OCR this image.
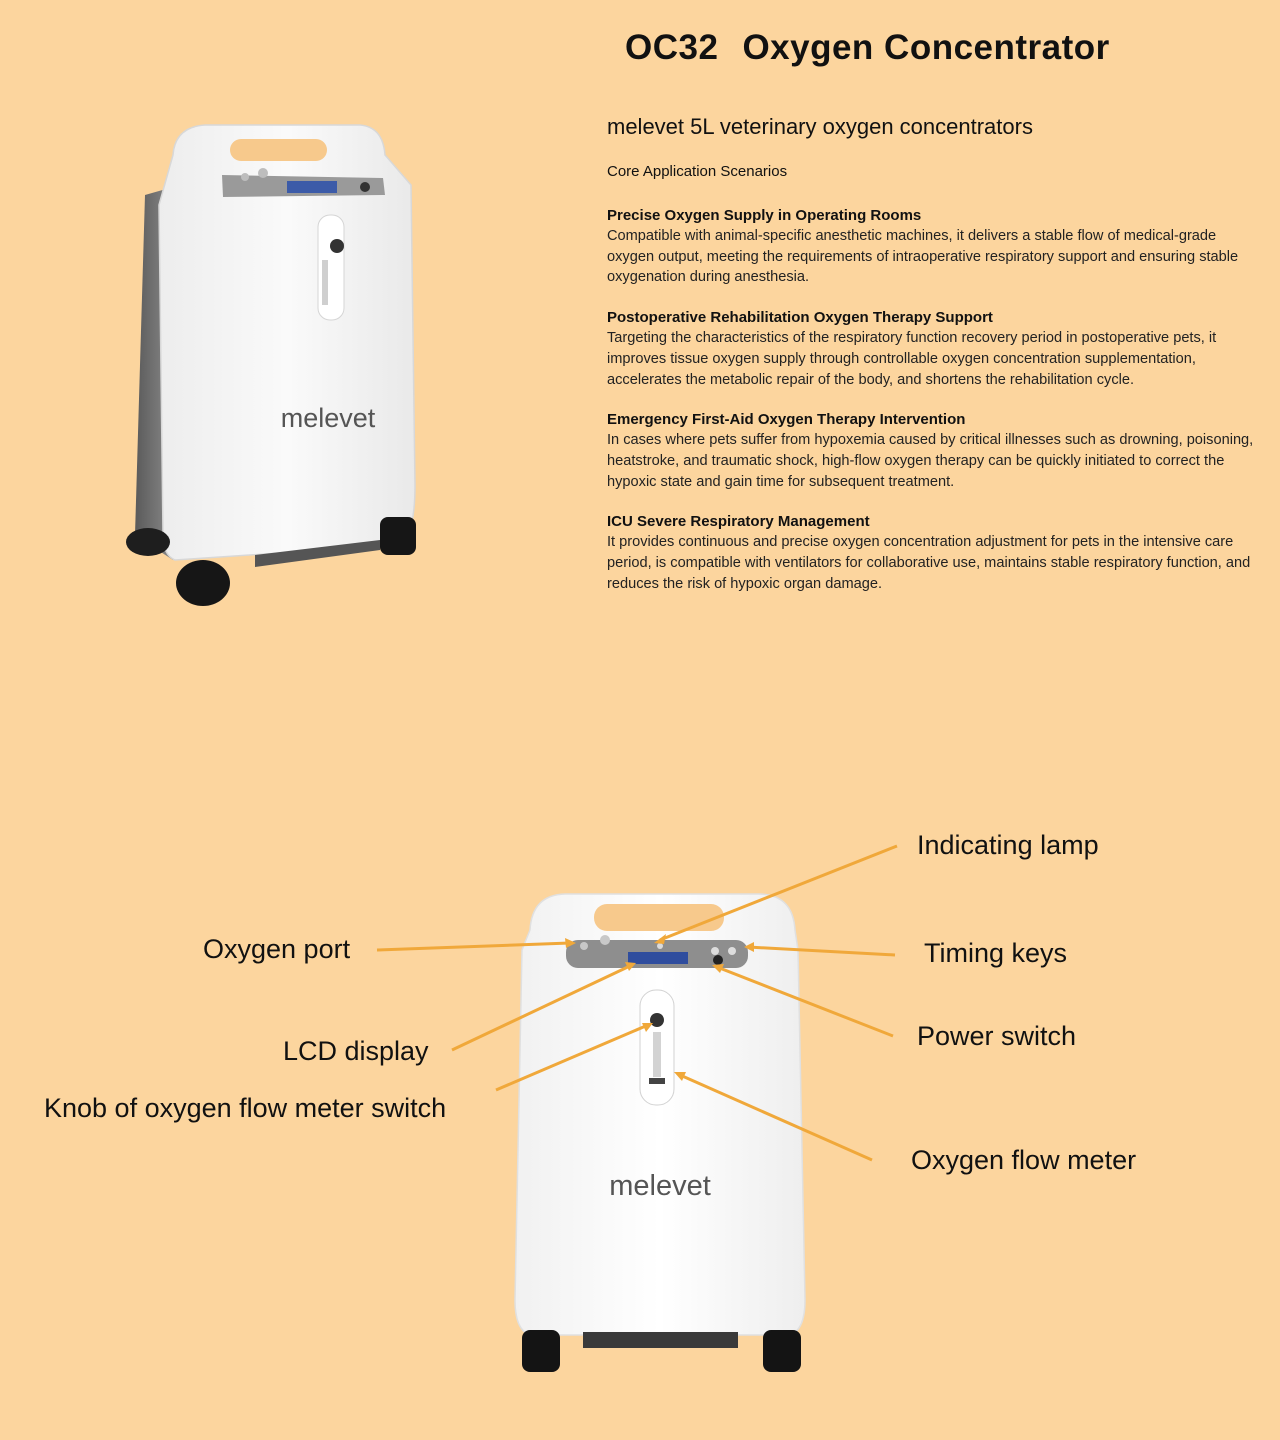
OC32 Oxygen Concentrator
melevet 5L veterinary oxygen concentrators
Core Application Scenarios
Precise Oxygen Supply in Operating Rooms

Compatible with animal-specific anesthetic machines, it delivers a stable flow of medical-grade oxygen output, meeting the requirements of intraoperative respiratory support and ensuring stable oxygenation during anesthesia.

Postoperative Rehabilitation Oxygen Therapy Support

Targeting the characteristics of the respiratory function recovery period in postoperative pets, it improves tissue oxygen supply through controllable oxygen concentration supplementation, accelerates the metabolic repair of the body, and shortens the rehabilitation cycle.

Emergency First-Aid Oxygen Therapy Intervention

In cases where pets suffer from hypoxemia caused by critical illnesses such as drowning, poisoning, heatstroke, and traumatic shock, high-flow oxygen therapy can be quickly initiated to correct the hypoxic state and gain time for subsequent treatment.

ICU Severe Respiratory Management

It provides continuous and precise oxygen concentration adjustment for pets in the intensive care period, is compatible with ventilators for collaborative use, maintains stable respiratory function, and reduces the risk of hypoxic organ damage.

melevet
melevet
Indicating lamp
Oxygen port	Timing keys
Power switch
LCD display
Knob of oxygen flow meter switch
Oxygen flow meter
